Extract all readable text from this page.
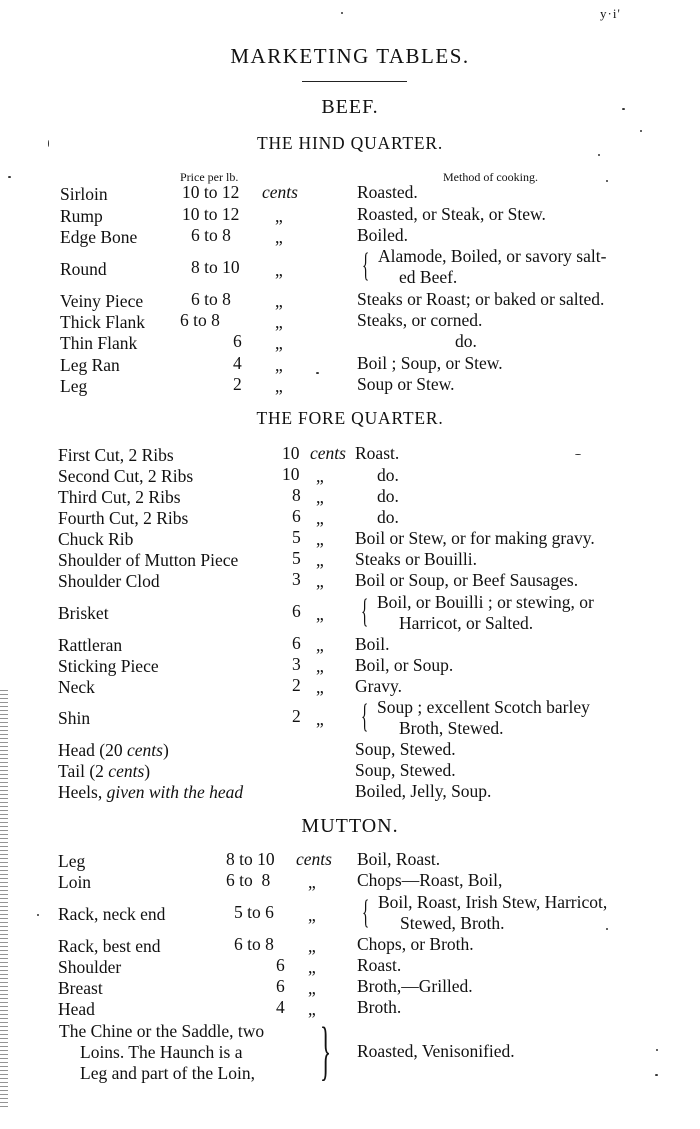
y·i'
MARKETING TABLES.
BEEF.
THE HIND QUARTER.
Price per lb.	Method of cooking.
Sirloin	10 to 12 cents	Roasted.
Rump	10 to 12 „	Roasted, or Steak, or Stew.
Edge Bone	6 to 8	„	Boiled.
Round	8 to 10 „ { Alamode, Boiled, or savory salt-
ed Beef.
Veiny Piece	6 to 8	„	Steaks or Roast; or baked or salted.
Thick Flank 6 to 8	„	Steaks, or corned.
Thin Flank	6 „	do.
Leg Ran	4 „	Boil ; Soup, or Stew.
Leg	2 „	Soup or Stew.
THE FORE QUARTER.
First Cut, 2 Ribs	10 cents Roast.
Second Cut, 2 Ribs	10 „	do.
Third Cut, 2 Ribs	8 „	do.
Fourth Cut, 2 Ribs	6 „	do.
Chuck Rib	5 „ Boil or Stew, or for making gravy.
Shoulder of Mutton Piece	5 „ Steaks or Bouilli.
Shoulder Clod	3 „ Boil or Soup, or Beef Sausages.
Brisket	6 „ { Boil, or Bouilli ; or stewing, or
Harricot, or Salted.
Rattleran	6 „ Boil.
Sticking Piece	3 „ Boil, or Soup.
Neck	2 „ Gravy.
Shin	2 „ { Soup ; excellent Scotch barley
Broth, Stewed.
Head (20 cents)	Soup, Stewed.
Tail (2 cents)	Soup, Stewed.
Heels, given with the head	Boiled, Jelly, Soup.
MUTTON.
Leg	8 to 10 cents Boil, Roast.
Loin	6 to  8 „ Chops—Roast, Boil,
Rack, neck end	5 to 6 „ { Boil, Roast, Irish Stew, Harricot,
Stewed, Broth.
Rack, best end	6 to 8 „ Chops, or Broth.
Shoulder	6 „ Roast.
Breast	6 „ Broth,—Grilled.
Head	4 „ Broth.
The Chine or the Saddle, two
Loins. The Haunch is a
Leg and part of the Loin, } Roasted, Venisonified.
